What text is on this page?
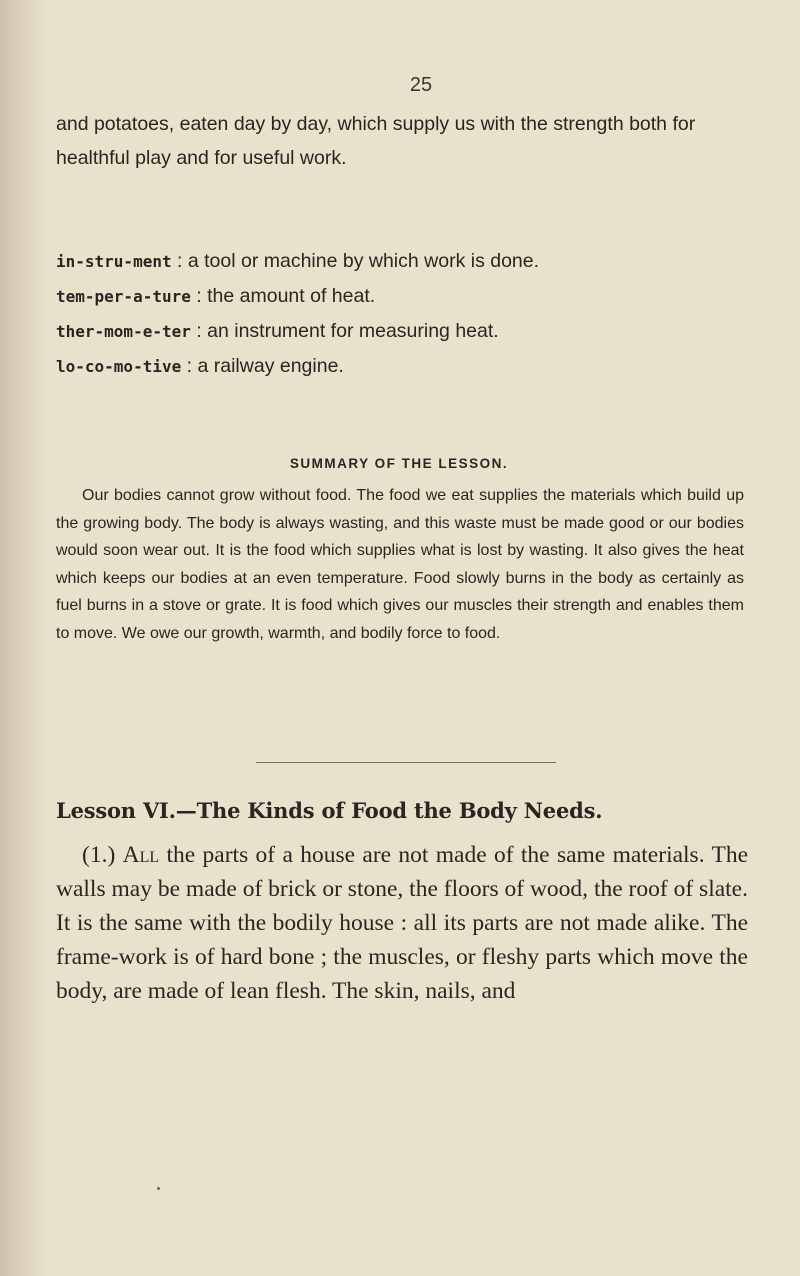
25

and potatoes, eaten day by day, which supply us with the strength both for healthful play and for useful work.

in-stru-ment : a tool or machine by which work is done.

tem-per-a-ture : the amount of heat.

ther-mom-e-ter : an instrument for measuring heat.

lo-co-mo-tive : a railway engine.

SUMMARY OF THE LESSON.

Our bodies cannot grow without food. The food we eat supplies the materials which build up the growing body. The body is always wasting, and this waste must be made good or our bodies would soon wear out. It is the food which supplies what is lost by wasting. It also gives the heat which keeps our bodies at an even temperature. Food slowly burns in the body as certainly as fuel burns in a stove or grate. It is food which gives our muscles their strength and enables them to move. We owe our growth, warmth, and bodily force to food.

Lesson VI.—The Kinds of Food the Body Needs.

(1.) All the parts of a house are not made of the same materials. The walls may be made of brick or stone, the floors of wood, the roof of slate. It is the same with the bodily house : all its parts are not made alike. The frame-work is of hard bone ; the muscles, or fleshy parts which move the body, are made of lean flesh. The skin, nails, and
